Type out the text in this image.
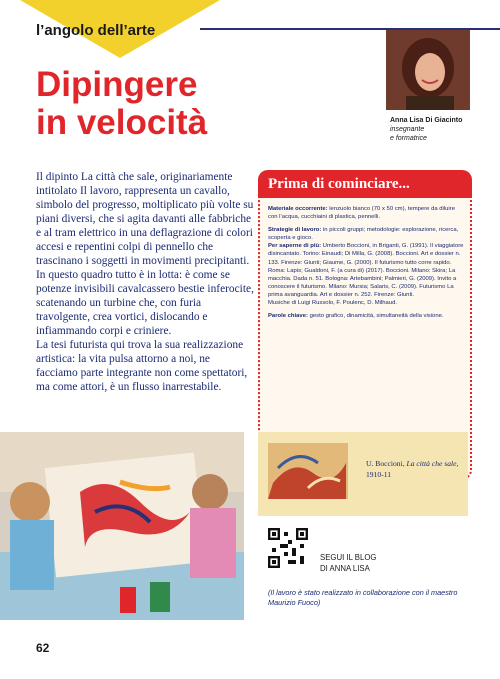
l’angolo dell’arte
Dipingere
in velocità	Anna Lisa Di Giacinto
insegnante
e formatrice

Il dipinto La città che sale, originariamente intitolato Il lavoro, rappresenta un cavallo, simbolo del progresso, moltiplicato più volte su piani diversi, che si agita davanti alle fabbriche e al tram elettrico in una deflagrazione di colori accesi e repentini colpi di pennello che trascinano i soggetti in movimenti precipitanti.

In questo quadro tutto è in lotta: è come se potenze invisibili cavalcassero bestie inferocite, scatenando un turbine che, con furia travolgente, crea vortici, dislocando e infiammando corpi e criniere.

La tesi futurista qui trova la sua realizzazione artistica: la vita pulsa attorno a noi, ne facciamo parte integrante non come spettatori, ma come attori, è un flusso inarrestabile.

Prima di cominciare...

Materiale occorrente: lenzuolo bianco (70 x 50 cm), tempere da diluire con l’acqua, cucchiaini di plastica, pennelli.

Strategie di lavoro: in piccoli gruppi; metodologie: esplorazione, ricerca, scoperta e gioco.
Per saperne di più: Umberto Boccioni, in Briganti, G. (1991). Il viaggiatore disincantato. Torino: Einaudi; Di Milla, G. (2008). Boccioni. Art e dossier n. 133. Firenze: Giunti; Giaume, G. (2000). Il futurismo tutto corre rapido. Roma: Lapis; Gualdoni, F. (a cura di) (2017). Boccioni. Milano: Skira; La macchia. Dada n. 51. Bologna: Artebambini; Palmieri, G. (2009). Invito a conoscere il futurismo. Milano: Mursia; Salaris, C. (2009). Futurismo La prima avanguardia. Art e dossier n. 252. Firenze: Giunti.
Musiche di Luigi Russolo, F. Poulenc, D. Milhaud.

Parole chiave: gesto grafico, dinamicità, simultaneità della visione.

U. Boccioni, La città che sale, 1910-11
SEGUI IL BLOG
DI ANNA LISA
(Il lavoro è stato realizzato in collaborazione con il maestro Maurizio Fuoco)
62
